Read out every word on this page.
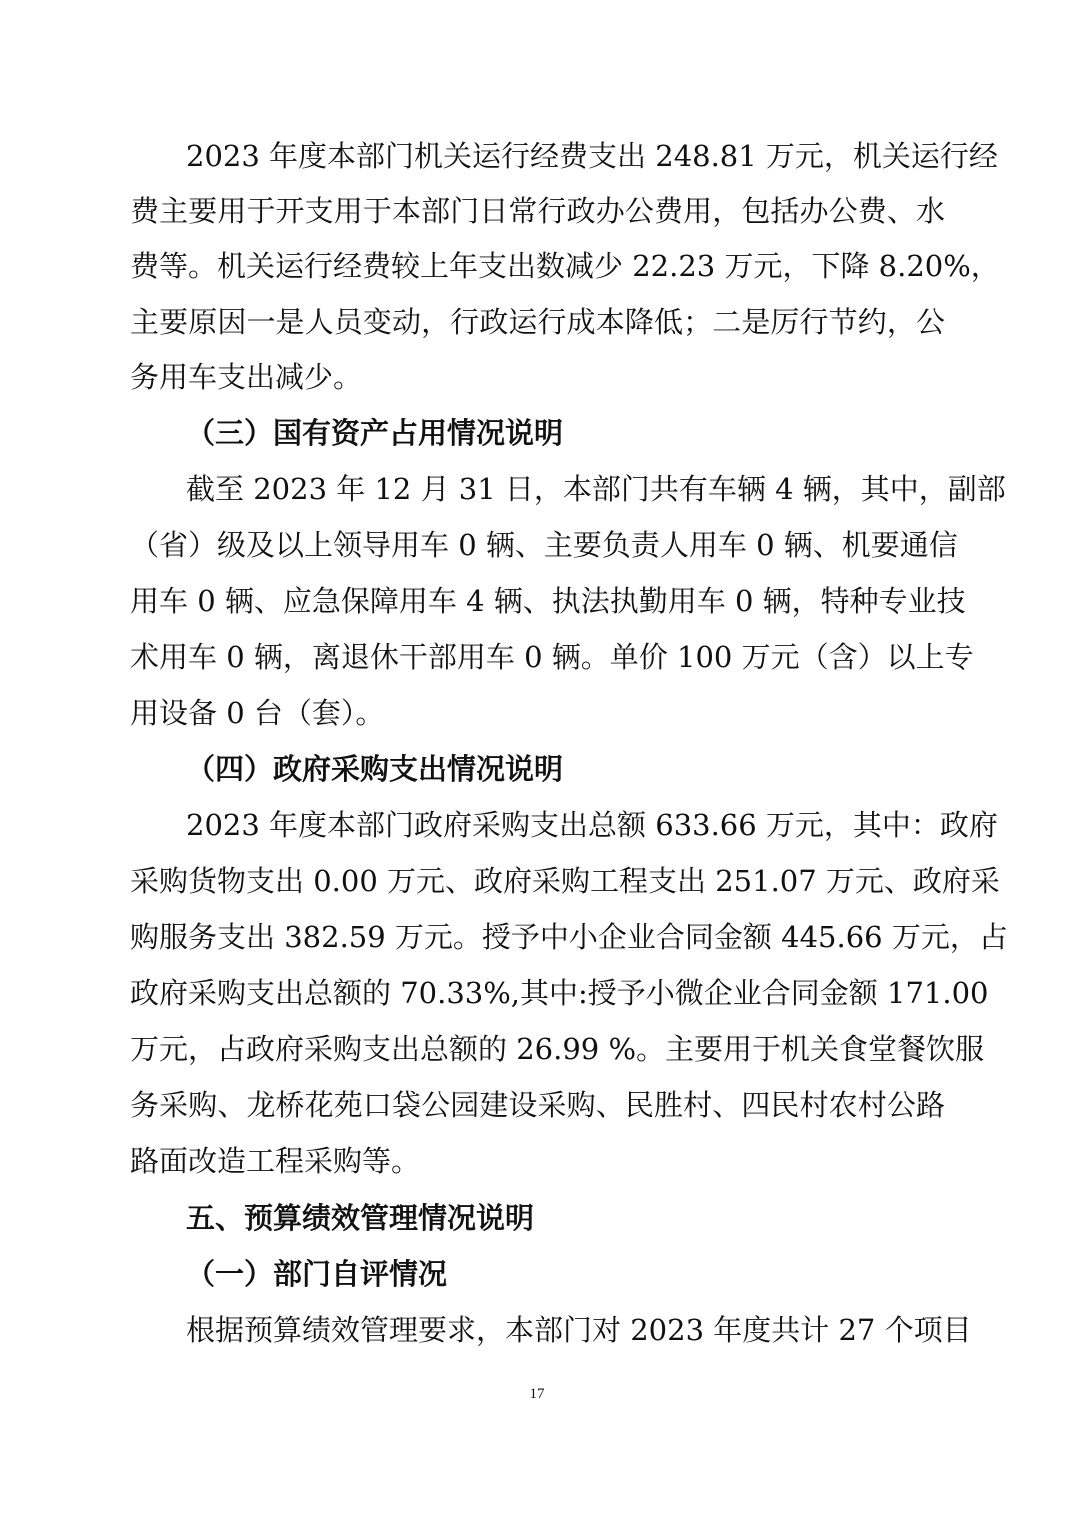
2023 年度本部门机关运行经费支出 248.81 万元，机关运行经
费主要用于开支用于本部门日常行政办公费用，包括办公费、水
费等。机关运行经费较上年支出数减少 22.23 万元，下降 8.20%，
主要原因一是人员变动，行政运行成本降低；二是厉行节约，公
务用车支出减少。
（三）国有资产占用情况说明
截至 2023 年 12 月 31 日，本部门共有车辆 4 辆，其中，副部
（省）级及以上领导用车 0 辆、主要负责人用车 0 辆、机要通信
用车 0 辆、应急保障用车 4 辆、执法执勤用车 0 辆，特种专业技
术用车 0 辆，离退休干部用车 0 辆。单价 100 万元（含）以上专
用设备 0 台（套）。
（四）政府采购支出情况说明
2023 年度本部门政府采购支出总额 633.66 万元，其中：政府
采购货物支出 0.00 万元、政府采购工程支出 251.07 万元、政府采
购服务支出 382.59 万元。授予中小企业合同金额 445.66 万元，占
政府采购支出总额的 70.33%,其中:授予小微企业合同金额 171.00
万元，占政府采购支出总额的 26.99 %。主要用于机关食堂餐饮服
务采购、龙桥花苑口袋公园建设采购、民胜村、四民村农村公路
路面改造工程采购等。
五、预算绩效管理情况说明
（一）部门自评情况
根据预算绩效管理要求，本部门对 2023 年度共计 27 个项目
17
